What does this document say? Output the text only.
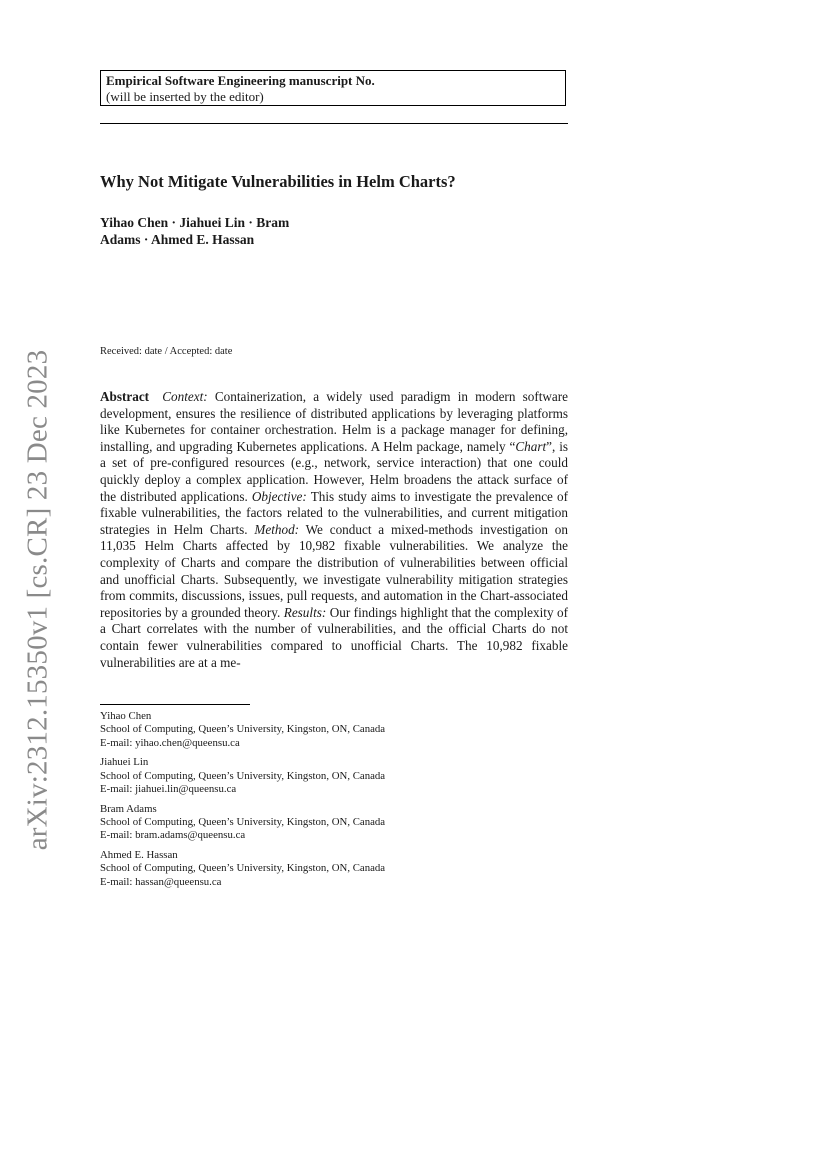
arXiv:2312.15350v1 [cs.CR] 23 Dec 2023
Empirical Software Engineering manuscript No.
(will be inserted by the editor)
Why Not Mitigate Vulnerabilities in Helm Charts?
Yihao Chen · Jiahuei Lin · Bram
Adams · Ahmed E. Hassan
Received: date / Accepted: date
Abstract Context: Containerization, a widely used paradigm in modern software development, ensures the resilience of distributed applications by leveraging platforms like Kubernetes for container orchestration. Helm is a package manager for defining, installing, and upgrading Kubernetes applications. A Helm package, namely “Chart”, is a set of pre-configured resources (e.g., network, service interaction) that one could quickly deploy a complex application. However, Helm broadens the attack surface of the distributed applications. Objective: This study aims to investigate the prevalence of fixable vulnerabilities, the factors related to the vulnerabilities, and current mitigation strategies in Helm Charts. Method: We conduct a mixed-methods investigation on 11,035 Helm Charts affected by 10,982 fixable vulnerabilities. We analyze the complexity of Charts and compare the distribution of vulnerabilities between official and unofficial Charts. Subsequently, we investigate vulnerability mitigation strategies from commits, discussions, issues, pull requests, and automation in the Chart-associated repositories by a grounded theory. Results: Our findings highlight that the complexity of a Chart correlates with the number of vulnerabilities, and the official Charts do not contain fewer vulnerabilities compared to unofficial Charts. The 10,982 fixable vulnerabilities are at a me-
Yihao Chen
School of Computing, Queen’s University, Kingston, ON, Canada
E-mail: yihao.chen@queensu.ca
Jiahuei Lin
School of Computing, Queen’s University, Kingston, ON, Canada
E-mail: jiahuei.lin@queensu.ca
Bram Adams
School of Computing, Queen’s University, Kingston, ON, Canada
E-mail: bram.adams@queensu.ca
Ahmed E. Hassan
School of Computing, Queen’s University, Kingston, ON, Canada
E-mail: hassan@queensu.ca
